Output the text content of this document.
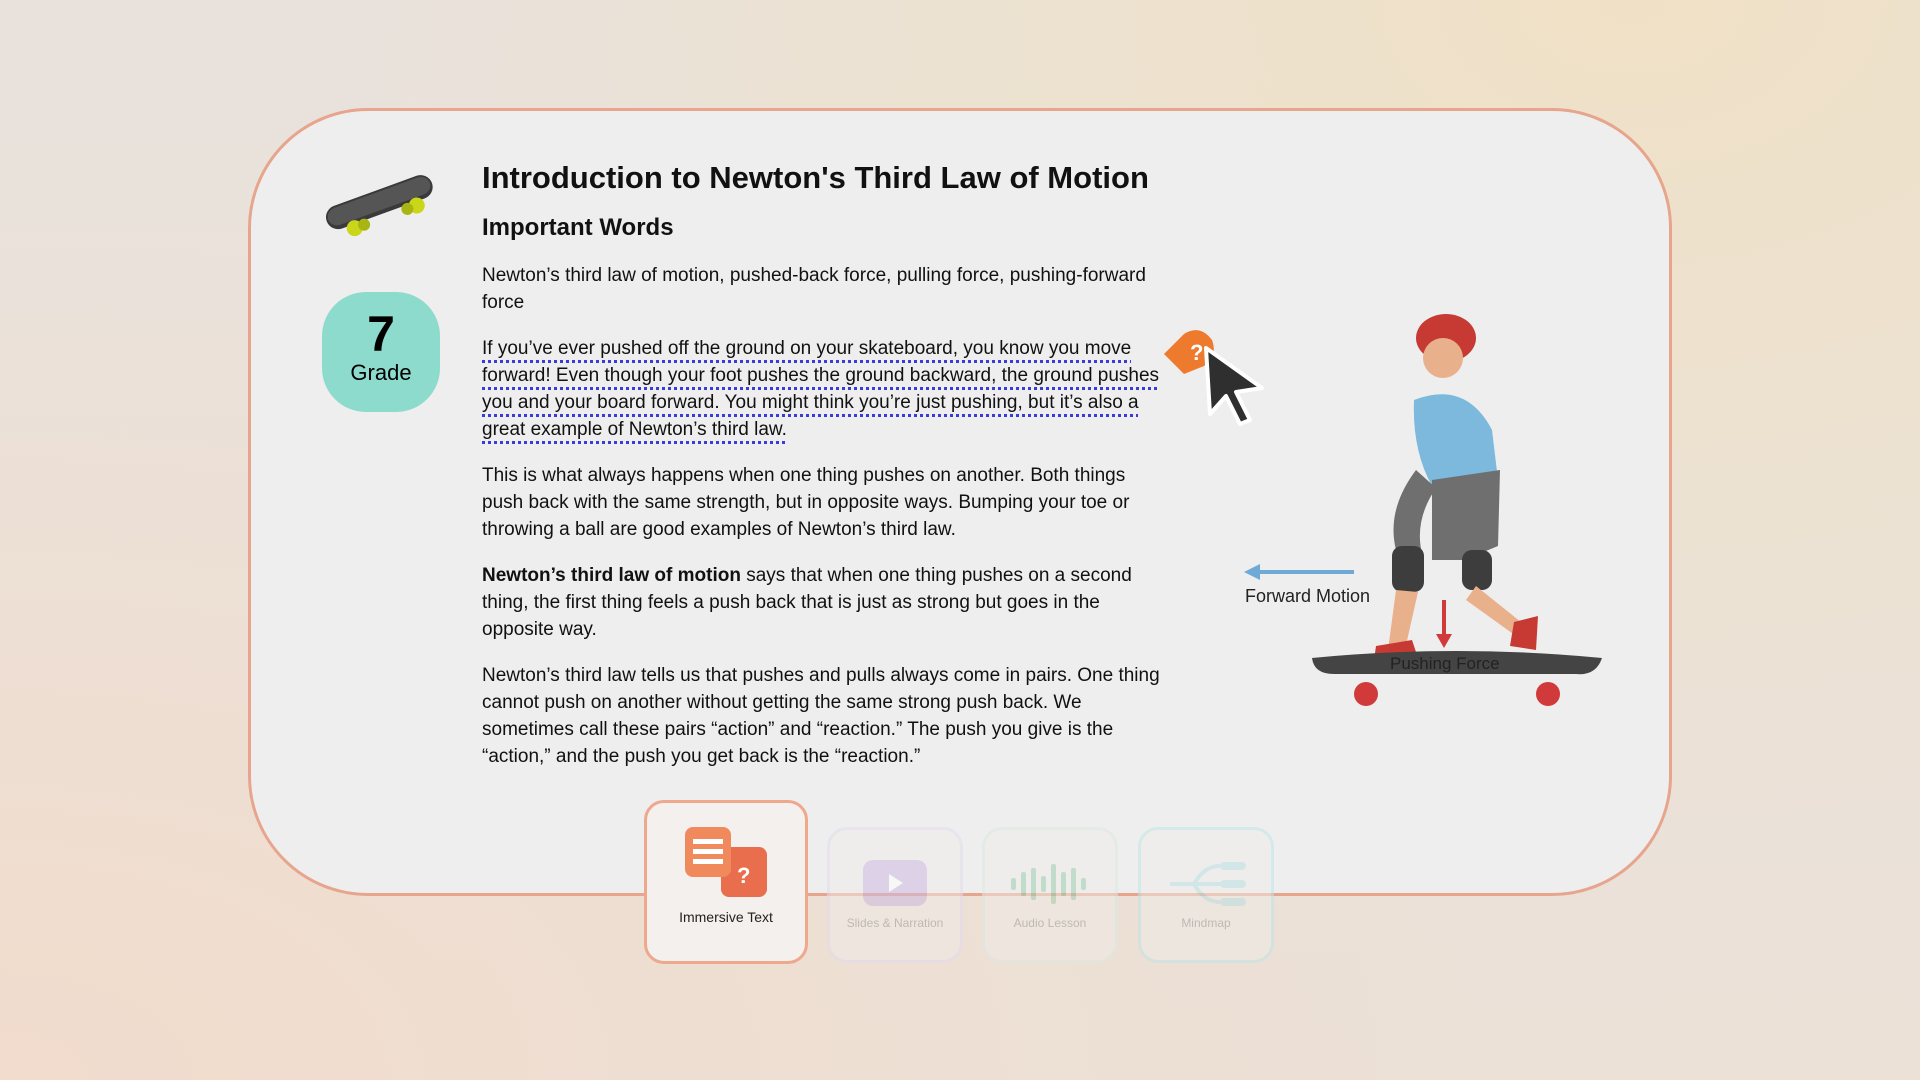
7
Grade
Introduction to Newton's Third Law of Motion
Important Words

Newton’s third law of motion, pushed-back force, pulling force, pushing-forward force

If you’ve ever pushed off the ground on your skateboard, you know you move forward! Even though your foot pushes the ground backward, the ground pushes you and your board forward. You might think you’re just pushing, but it’s also a great example of Newton’s third law.

This is what always happens when one thing pushes on another. Both things push back with the same strength, but in opposite ways. Bumping your toe or throwing a ball are good examples of Newton’s third law.

Newton’s third law of motion says that when one thing pushes on a second thing, the first thing feels a push back that is just as strong but goes in the opposite way.

Newton’s third law tells us that pushes and pulls always come in pairs. One thing cannot push on another without getting the same strong push back. We sometimes call these pairs “action” and “reaction.” The push you give is the “action,” and the push you get back is the “reaction.”

?
Forward Motion
Pushing Force
?
Immersive Text	Slides & Narration	Audio Lesson	Mindmap
